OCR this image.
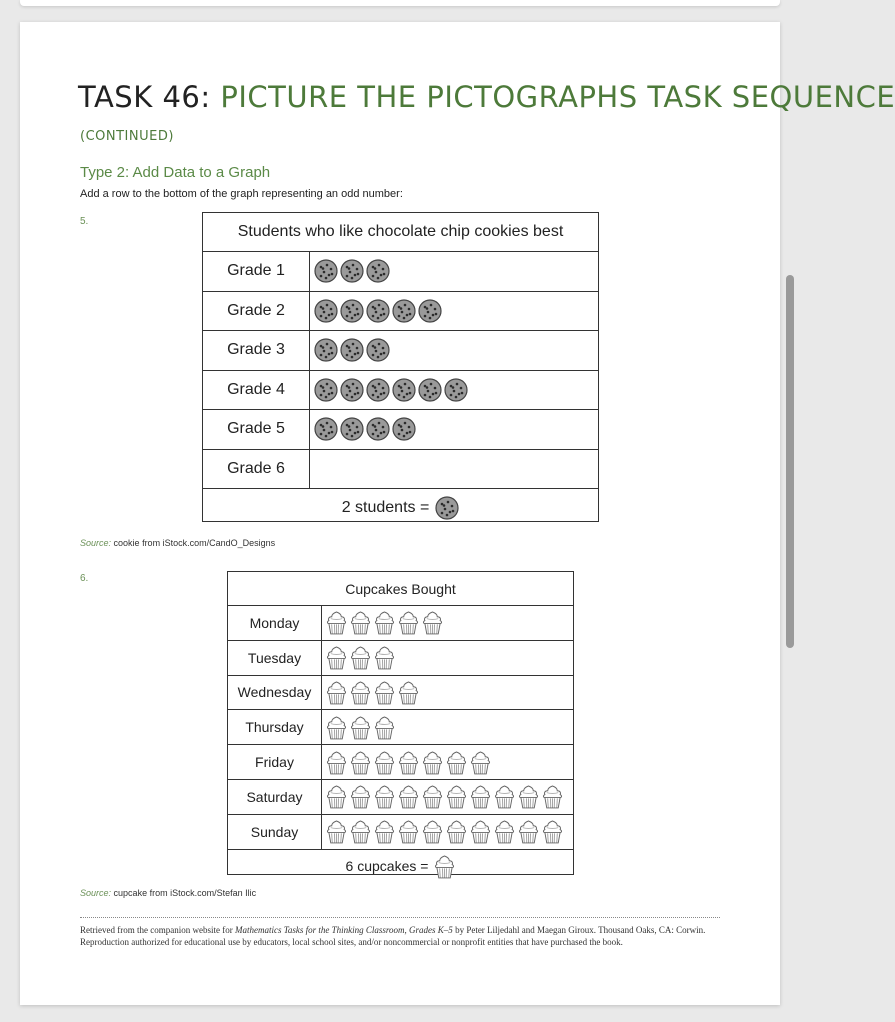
TASK 46: PICTURE THE PICTOGRAPHS TASK SEQUENCE
(CONTINUED)
Type 2: Add Data to a Graph
Add a row to the bottom of the graph representing an odd number:
5.
Students who like chocolate chip cookies best
Grade 1
Grade 2
Grade 3
Grade 4
Grade 5
Grade 6
2 students =
Source: cookie from iStock.com/CandO_Designs
6.
Cupcakes Bought
Monday
Tuesday
Wednesday
Thursday
Friday
Saturday
Sunday
6 cupcakes =
Source: cupcake from iStock.com/Stefan Ilic
Retrieved from the companion website for Mathematics Tasks for the Thinking Classroom, Grades K–5 by Peter Liljedahl and Maegan Giroux. Thousand Oaks, CA: Corwin. Reproduction authorized for educational use by educators, local school sites, and/or noncommercial or nonprofit entities that have purchased the book.
